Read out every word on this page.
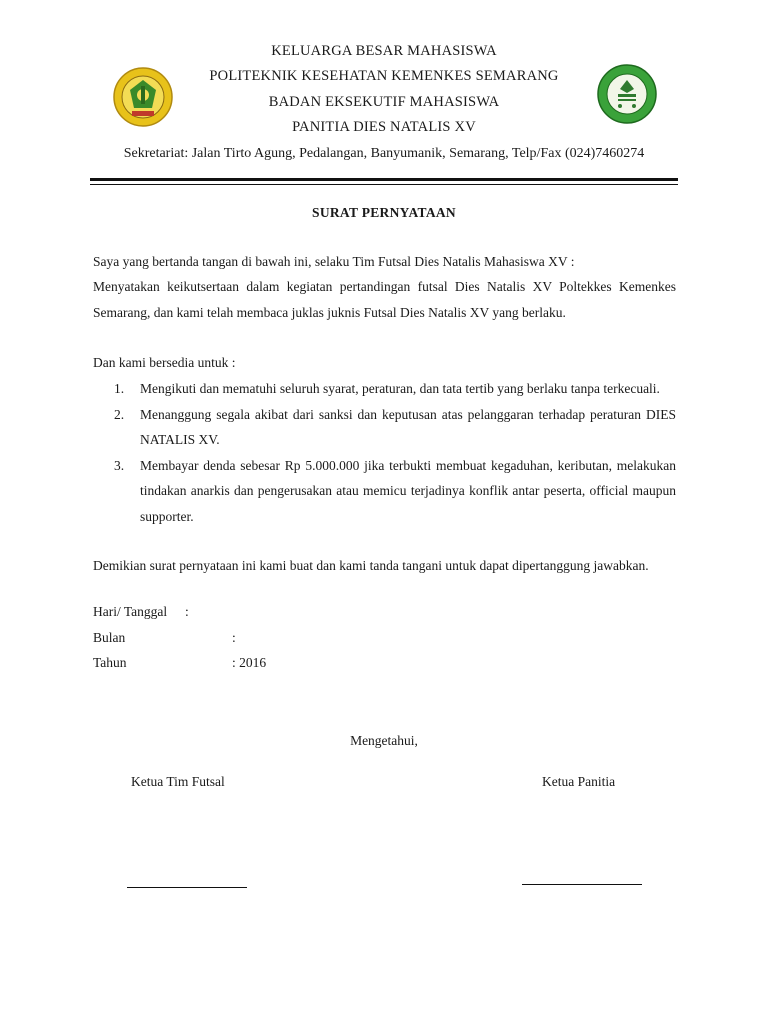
KELUARGA BESAR MAHASISWA
POLITEKNIK KESEHATAN KEMENKES SEMARANG
BADAN EKSEKUTIF MAHASISWA
PANITIA DIES NATALIS XV
Sekretariat: Jalan Tirto Agung, Pedalangan, Banyumanik, Semarang, Telp/Fax (024)7460274
SURAT PERNYATAAN
Saya yang bertanda tangan di bawah ini, selaku Tim Futsal Dies Natalis Mahasiswa XV :
Menyatakan keikutsertaan dalam kegiatan pertandingan futsal Dies Natalis XV Poltekkes Kemenkes Semarang, dan kami telah membaca juklas juknis Futsal Dies Natalis XV yang berlaku.
Dan kami bersedia untuk :
1. Mengikuti dan mematuhi seluruh syarat, peraturan, dan tata tertib yang berlaku tanpa terkecuali.
2. Menanggung segala akibat dari sanksi dan keputusan atas pelanggaran terhadap peraturan DIES NATALIS XV.
3. Membayar denda sebesar Rp 5.000.000 jika terbukti membuat kegaduhan, keributan, melakukan tindakan anarkis dan pengerusakan atau memicu terjadinya konflik antar peserta, official maupun supporter.
Demikian surat pernyataan ini kami buat dan kami tanda tangani untuk dapat dipertanggung jawabkan.
Hari/ Tanggal :
Bulan	:
Tahun	: 2016
Mengetahui,
Ketua Tim Futsal	Ketua Panitia
